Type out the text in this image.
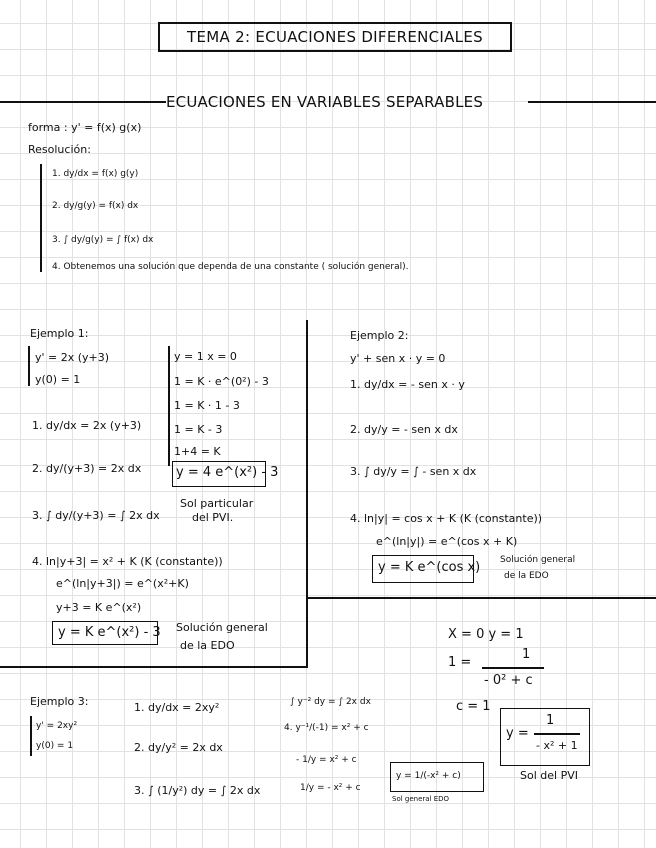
TEMA 2: ECUACIONES DIFERENCIALES
ECUACIONES EN VARIABLES SEPARABLES
forma : y' = f(x) g(x)
Resolución:
1. dy/dx = f(x) g(y)
2. dy/g(y) = f(x) dx
3. ∫ dy/g(y) = ∫ f(x) dx
4. Obtenemos una solución que dependa de una constante ( solución general).
Ejemplo 1:
y' = 2x (y+3)
y(0) = 1
1. dy/dx = 2x (y+3)
2. dy/(y+3) = 2x dx
3. ∫ dy/(y+3) = ∫ 2x dx
4. ln|y+3| = x² + K (K (constante))
e^(ln|y+3|) = e^(x²+K)
y+3 = K e^(x²)
y = K e^(x²) - 3 Solución general
de la EDO
y = 1 x = 0
1 = K · e^(0²) - 3
1 = K · 1 - 3
1 = K - 3
1+4 = K
y = 4 e^(x²) - 3
Sol particular
del PVI.
Ejemplo 2:
y' + sen x · y = 0
1. dy/dx = - sen x · y
2. dy/y = - sen x dx
3. ∫ dy/y = ∫ - sen x dx
4. ln|y| = cos x + K (K (constante))
e^(ln|y|) = e^(cos x + K)
y = K e^(cos x) Solución general
de la EDO
X = 0 y = 1
1 =
1
- 0² + c
c = 1
Ejemplo 3:
y' = 2xy²
y(0) = 1
1. dy/dx = 2xy²
2. dy/y² = 2x dx
3. ∫ (1/y²) dy = ∫ 2x dx
∫ y⁻² dy = ∫ 2x dx
4. y⁻¹/(-1) = x² + c
- 1/y = x² + c
1/y = - x² + c
y = 1/(-x² + c)
Sol general EDO
y =
1
- x² + 1
Sol del PVI
